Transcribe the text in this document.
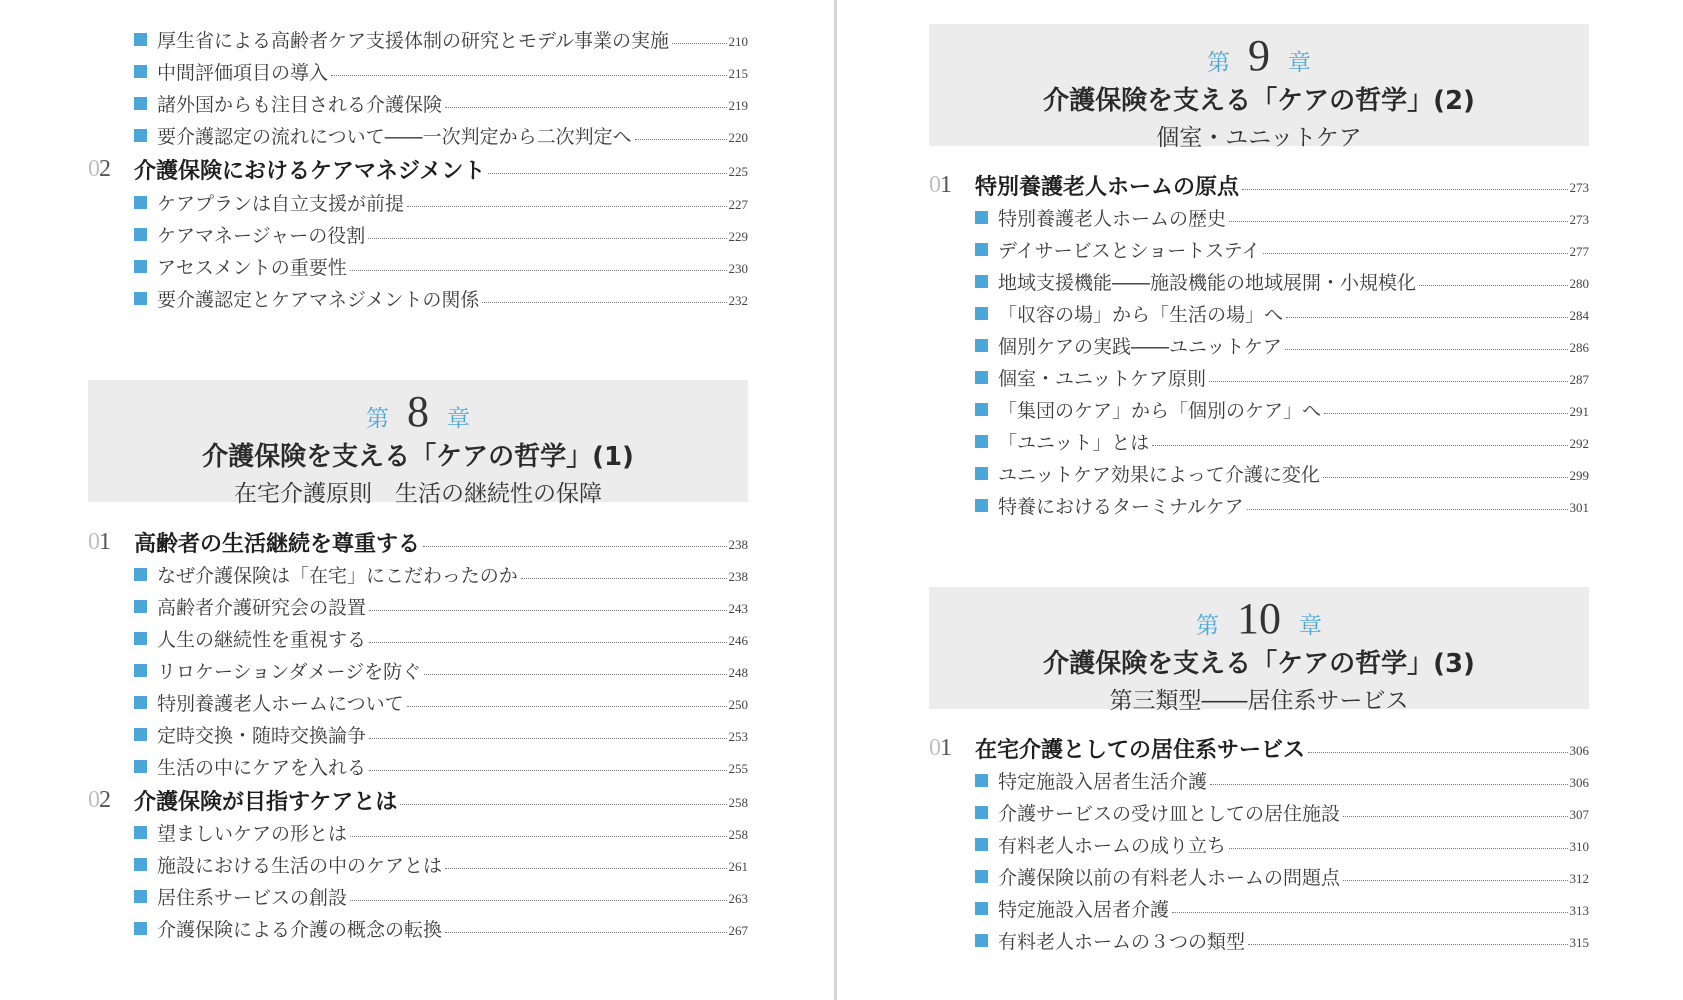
厚生省による高齢者ケア支援体制の研究とモデル事業の実施	210
中間評価項目の導入	215
諸外国からも注目される介護保険	219
要介護認定の流れについて――一次判定から二次判定へ	220
02	介護保険におけるケアマネジメント	225
ケアプランは自立支援が前提	227
ケアマネージャーの役割	229
アセスメントの重要性	230
要介護認定とケアマネジメントの関係	232
第 8 章
介護保険を支える「ケアの哲学」(1)
在宅介護原則　生活の継続性の保障
01	高齢者の生活継続を尊重する	238
なぜ介護保険は「在宅」にこだわったのか	238
高齢者介護研究会の設置	243
人生の継続性を重視する	246
リロケーションダメージを防ぐ	248
特別養護老人ホームについて	250
定時交換・随時交換論争	253
生活の中にケアを入れる	255
02	介護保険が目指すケアとは	258
望ましいケアの形とは	258
施設における生活の中のケアとは	261
居住系サービスの創設	263
介護保険による介護の概念の転換	267
第 9 章
介護保険を支える「ケアの哲学」(2)
個室・ユニットケア
01	特別養護老人ホームの原点	273
特別養護老人ホームの歴史	273
デイサービスとショートステイ	277
地域支援機能――施設機能の地域展開・小規模化	280
「収容の場」から「生活の場」へ	284
個別ケアの実践――ユニットケア	286
個室・ユニットケア原則	287
「集団のケア」から「個別のケア」へ	291
「ユニット」とは	292
ユニットケア効果によって介護に変化	299
特養におけるターミナルケア	301
第 10 章
介護保険を支える「ケアの哲学」(3)
第三類型――居住系サービス
01	在宅介護としての居住系サービス	306
特定施設入居者生活介護	306
介護サービスの受け皿としての居住施設	307
有料老人ホームの成り立ち	310
介護保険以前の有料老人ホームの問題点	312
特定施設入居者介護	313
有料老人ホームの３つの類型	315
